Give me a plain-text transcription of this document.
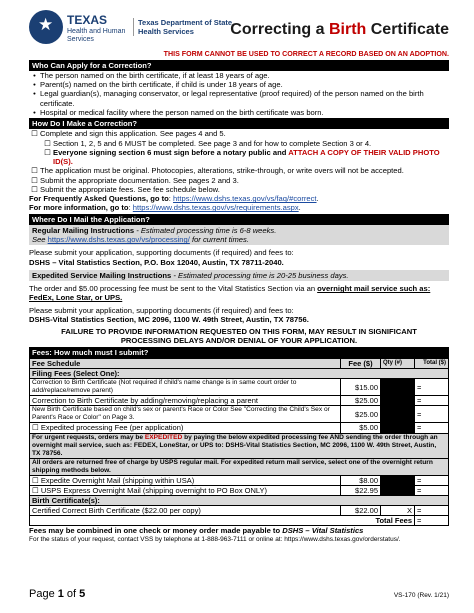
★ TEXAS
Health and Human
Services
Texas Department of State
Health Services	Correcting a Birth Certificate
THIS FORM CANNOT BE USED TO CORRECT A RECORD BASED ON AN ADOPTION.
Who Can Apply for a Correction?
• The person named on the birth certificate, if at least 18 years of age.
• Parent(s) named on the birth certificate, if child is under 18 years of age.
• Legal guardian(s), managing conservator, or legal representative (proof required) of the person named on the birth certificate.
• Hospital or medical facility where the person named on the birth certificate was born.
How Do I Make a Correction?
☐ Complete and sign this application. See pages 4 and 5.
☐ Section 1, 2, 5 and 6 MUST be completed. See page 3 and for how to complete Section 3 or 4.
☐ Everyone signing section 6 must sign before a notary public and ATTACH A COPY OF THEIR VALID PHOTO ID(S).
☐ The application must be original. Photocopies, alterations, strike-through, or write overs will not be accepted.
☐ Submit the appropriate documentation. See pages 2 and 3.
☐ Submit the appropriate fees. See fee schedule below.
For Frequently Asked Questions, go to: https://www.dshs.texas.gov/vs/faq/#correct.
For more information, go to: https://www.dshs.texas.gov/vs/requirements.aspx.
Where Do I Mail the Application?
Regular Mailing Instructions - Estimated processing time is 6-8 weeks.
See https://www.dshs.texas.gov/vs/processing/ for current times.
Please submit your application, supporting documents (if required) and fees to:
DSHS – Vital Statistics Section, P.O. Box 12040, Austin, TX 78711-2040.
Expedited Service Mailing Instructions - Estimated processing time is 20-25 business days.
The order and $5.00 processing fee must be sent to the Vital Statistics Section via an overnight mail service such as: FedEx, Lone Star, or UPS.
Please submit your application, supporting documents (if required) and fees to:
DSHS-Vital Statistics Section, MC 2096, 1100 W. 49th Street, Austin, TX 78756.
FAILURE TO PROVIDE INFORMATION REQUESTED ON THIS FORM, MAY RESULT IN SIGNIFICANT PROCESSING DELAYS AND/OR DENIAL OF YOUR APPLICATION.
Fees: How much must I submit?
Fee Schedule	Fee ($)	Qty (#)	Total ($)
Filing Fees (Select One):			
Correction to Birth Certificate (Not required if child's name change is in same court order to add/replace/remove parent)	$15.00		=
Correction to Birth Certificate by adding/removing/replacing a parent	$25.00		=
New Birth Certificate based on child's sex or parent's Race or Color See "Correcting the Child's Sex or Parent's Race or Color" on Page 3.	$25.00		=
☐ Expedited processing Fee (per application)	$5.00		=
For urgent requests, orders may be EXPEDITED by paying the below expedited processing fee AND sending the order through an overnight mail service, such as: FEDEX, LoneStar, or UPS to: DSHS-Vital Statistics Section, MC 2096, 1100 W. 49th Street, Austin, TX 78756.			
All orders are returned free of charge by USPS regular mail. For expedited return mail service, select one of the overnight return shipping methods below.			
☐ Expedite Overnight Mail (shipping within USA)	$8.00		=
☐ USPS Express Overnight Mail (shipping overnight to PO Box ONLY)	$22.95		=
Birth Certificate(s):			
Certified Correct Birth Certificate ($22.00 per copy)	$22.00	X	=
Total Fees			=
Fees may be combined in one check or money order made payable to DSHS – Vital Statistics
For the status of your request, contact VSS by telephone at 1-888-963-7111 or online at: https://www.dshs.texas.gov/orderstatus/.
Page 1 of 5	VS-170 (Rev. 1/21)
